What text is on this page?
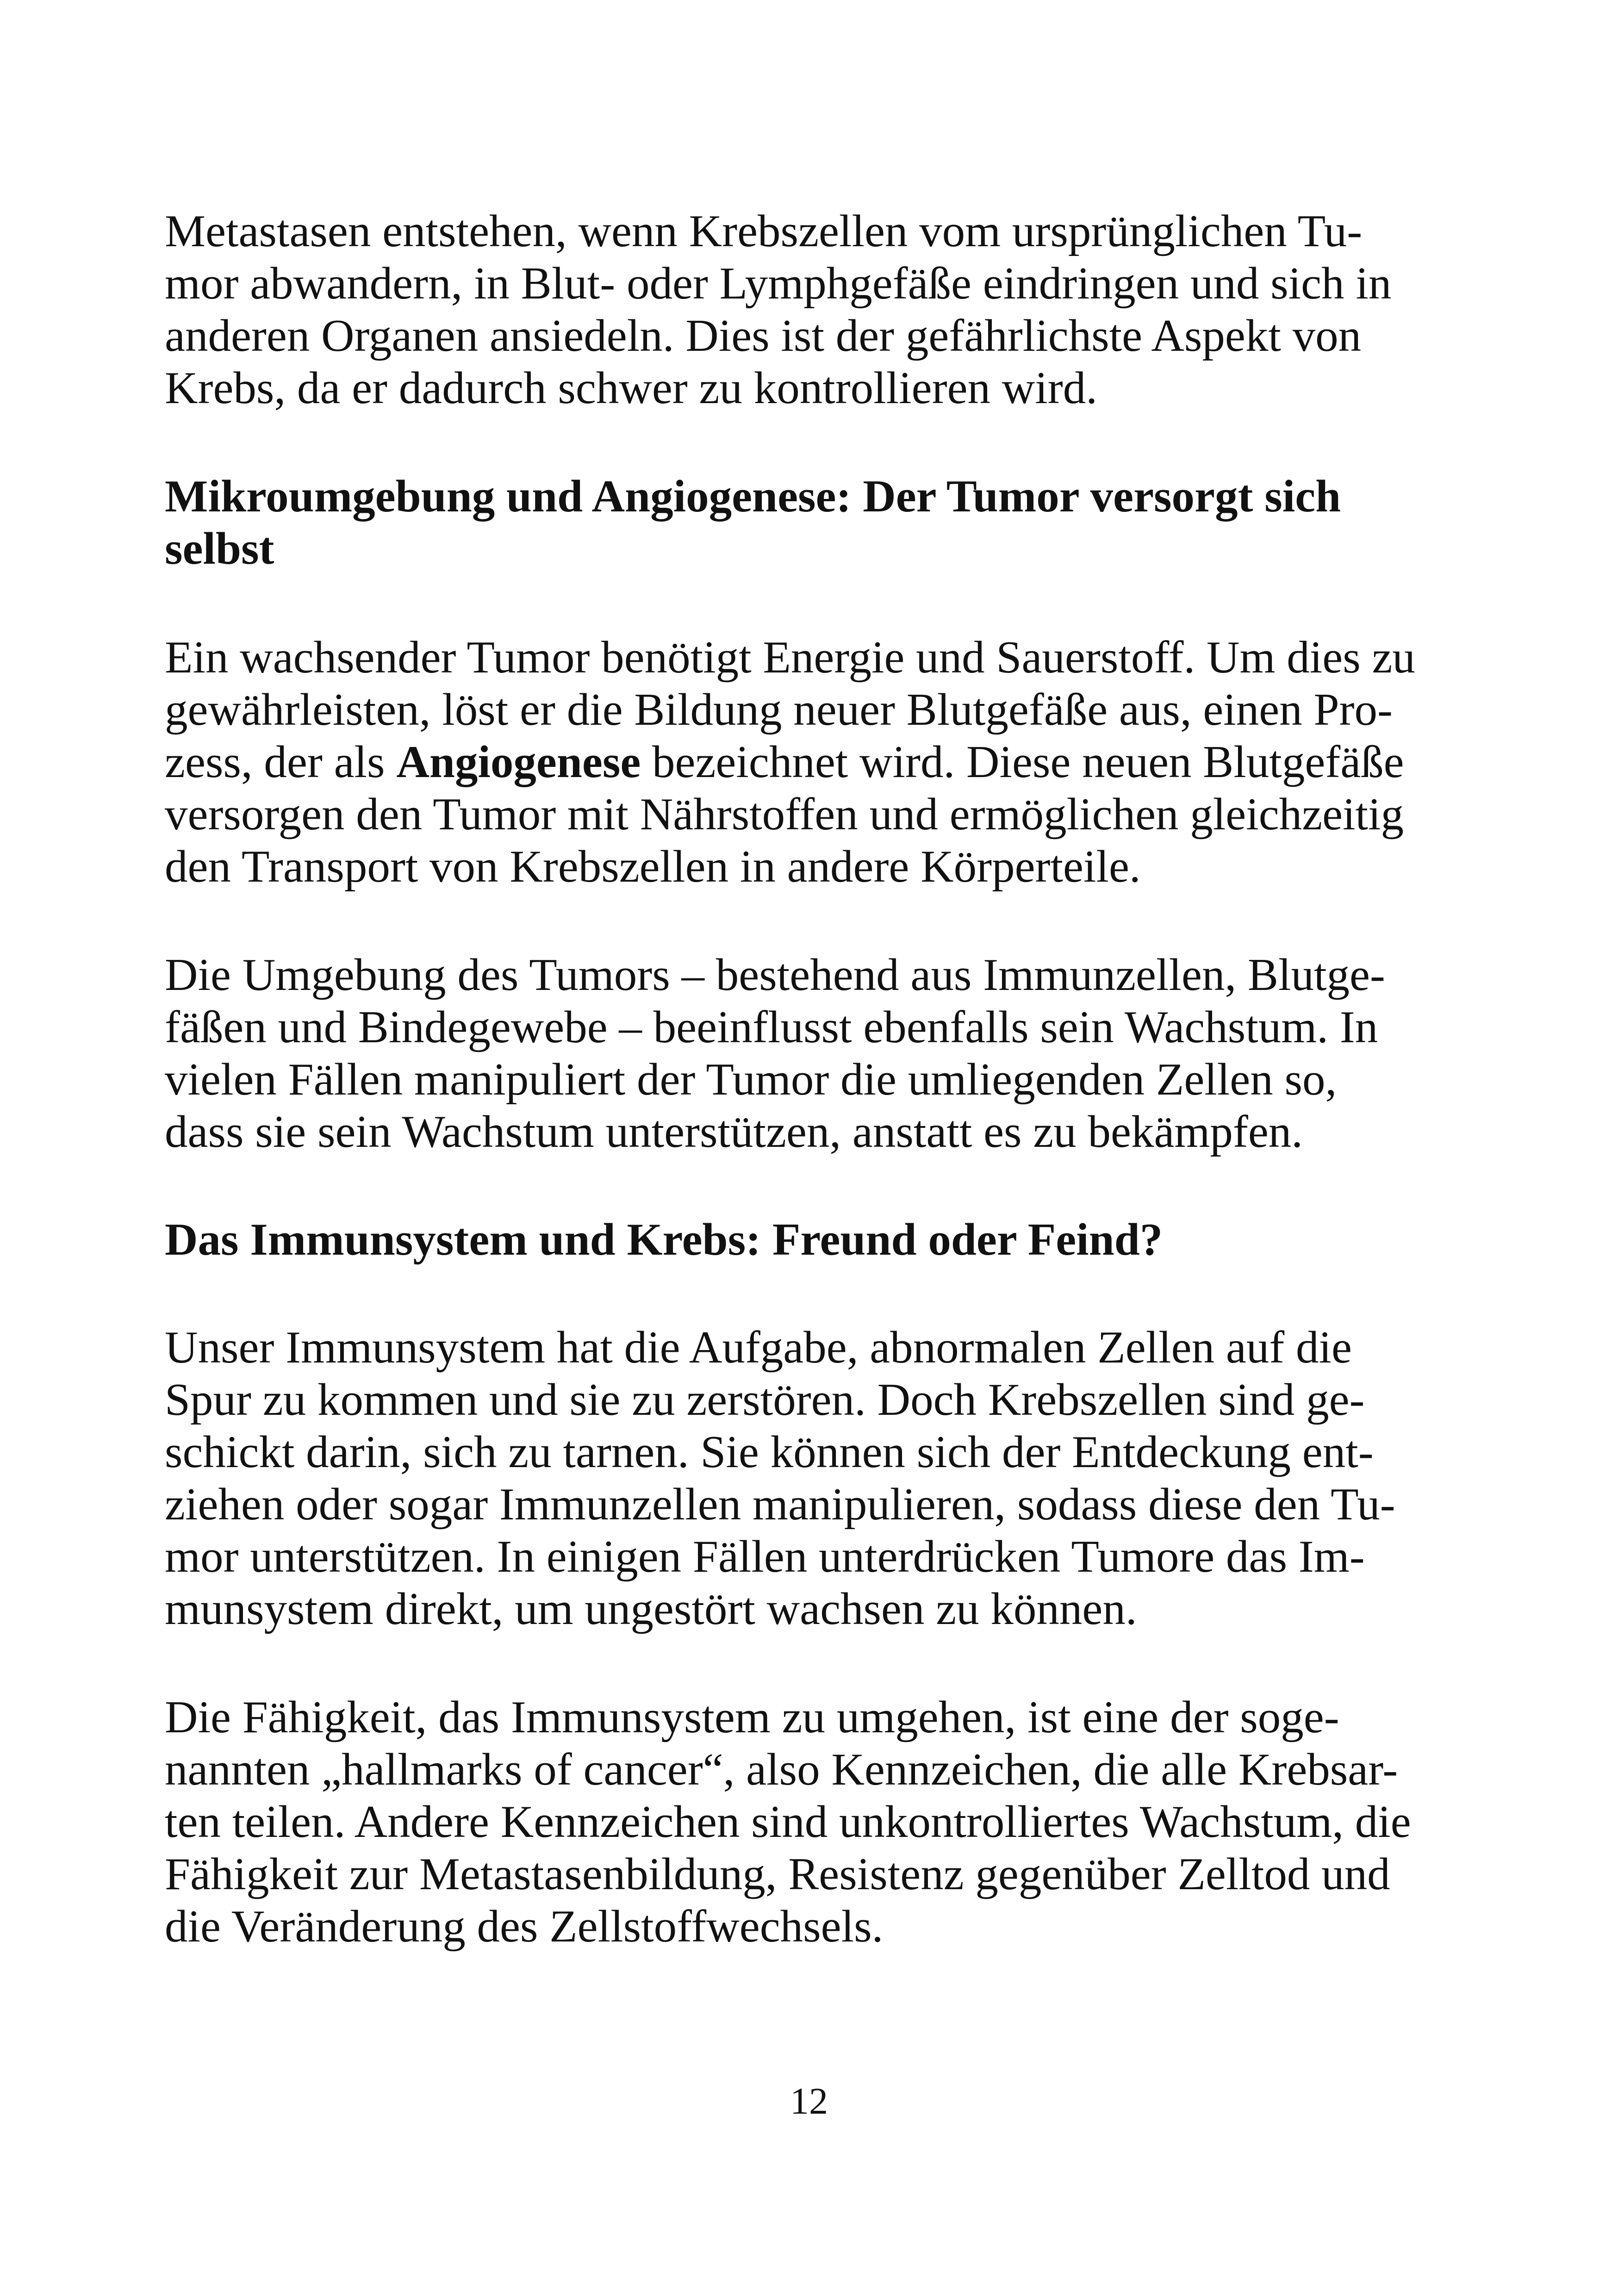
Metastasen entstehen, wenn Krebszellen vom ursprünglichen Tu-

mor abwandern, in Blut- oder Lymphgefäße eindringen und sich in

anderen Organen ansiedeln. Dies ist der gefährlichste Aspekt von

Krebs, da er dadurch schwer zu kontrollieren wird.

Mikroumgebung und Angiogenese: Der Tumor versorgt sich

selbst

Ein wachsender Tumor benötigt Energie und Sauerstoff. Um dies zu

gewährleisten, löst er die Bildung neuer Blutgefäße aus, einen Pro-

zess, der als Angiogenese bezeichnet wird. Diese neuen Blutgefäße

versorgen den Tumor mit Nährstoffen und ermöglichen gleichzeitig

den Transport von Krebszellen in andere Körperteile.

Die Umgebung des Tumors – bestehend aus Immunzellen, Blutge-

fäßen und Bindegewebe – beeinflusst ebenfalls sein Wachstum. In

vielen Fällen manipuliert der Tumor die umliegenden Zellen so,

dass sie sein Wachstum unterstützen, anstatt es zu bekämpfen.

Das Immunsystem und Krebs: Freund oder Feind?

Unser Immunsystem hat die Aufgabe, abnormalen Zellen auf die

Spur zu kommen und sie zu zerstören. Doch Krebszellen sind ge-

schickt darin, sich zu tarnen. Sie können sich der Entdeckung ent-

ziehen oder sogar Immunzellen manipulieren, sodass diese den Tu-

mor unterstützen. In einigen Fällen unterdrücken Tumore das Im-

munsystem direkt, um ungestört wachsen zu können.

Die Fähigkeit, das Immunsystem zu umgehen, ist eine der soge-

nannten „hallmarks of cancer“, also Kennzeichen, die alle Krebsar-

ten teilen. Andere Kennzeichen sind unkontrolliertes Wachstum, die

Fähigkeit zur Metastasenbildung, Resistenz gegenüber Zelltod und

die Veränderung des Zellstoffwechsels.

12
